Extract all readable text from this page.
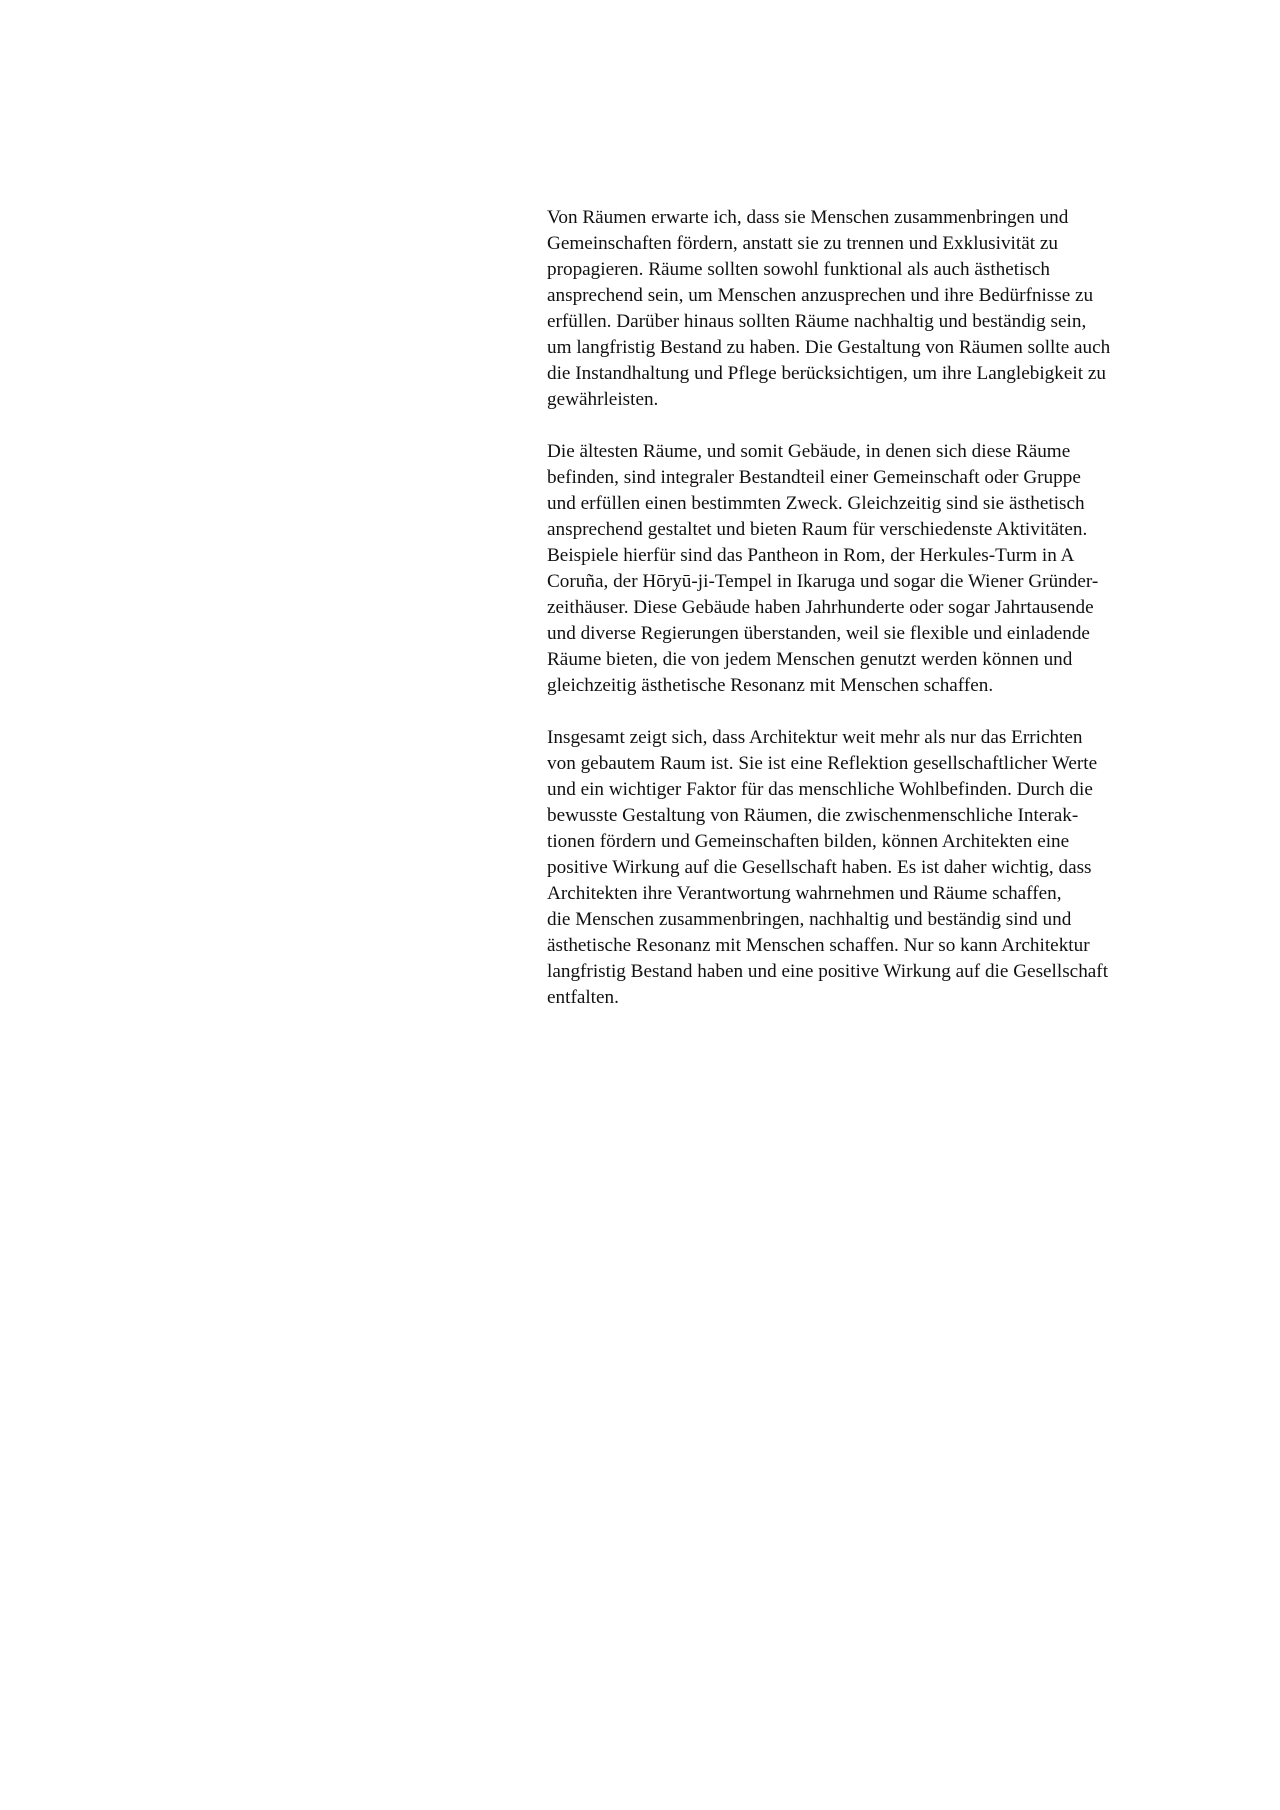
Von Räumen erwarte ich, dass sie Menschen zusammenbringen und
Gemeinschaften fördern, anstatt sie zu trennen und Exklusivität zu
propagieren. Räume sollten sowohl funktional als auch ästhetisch
ansprechend sein, um Menschen anzusprechen und ihre Bedürfnisse zu
erfüllen. Darüber hinaus sollten Räume nachhaltig und beständig sein,
um langfristig Bestand zu haben. Die Gestaltung von Räumen sollte auch
die Instandhaltung und Pflege berücksichtigen, um ihre Langlebigkeit zu
gewährleisten.

Die ältesten Räume, und somit Gebäude, in denen sich diese Räume
befinden, sind integraler Bestandteil einer Gemeinschaft oder Gruppe
und erfüllen einen bestimmten Zweck. Gleichzeitig sind sie ästhetisch
ansprechend gestaltet und bieten Raum für verschiedenste Aktivitäten.
Beispiele hierfür sind das Pantheon in Rom, der Herkules-Turm in A
Coruña, der Hōryū-ji-Tempel in Ikaruga und sogar die Wiener Gründer-
zeithäuser. Diese Gebäude haben Jahrhunderte oder sogar Jahrtausende
und diverse Regierungen überstanden, weil sie flexible und einladende
Räume bieten, die von jedem Menschen genutzt werden können und
gleichzeitig ästhetische Resonanz mit Menschen schaffen.

Insgesamt zeigt sich, dass Architektur weit mehr als nur das Errichten
von gebautem Raum ist. Sie ist eine Reflektion gesellschaftlicher Werte
und ein wichtiger Faktor für das menschliche Wohlbefinden. Durch die
bewusste Gestaltung von Räumen, die zwischenmenschliche Interak-
tionen fördern und Gemeinschaften bilden, können Architekten eine
positive Wirkung auf die Gesellschaft haben. Es ist daher wichtig, dass
Architekten ihre Verantwortung wahrnehmen und Räume schaffen,
die Menschen zusammenbringen, nachhaltig und beständig sind und
ästhetische Resonanz mit Menschen schaffen. Nur so kann Architektur
langfristig Bestand haben und eine positive Wirkung auf die Gesellschaft
entfalten.
